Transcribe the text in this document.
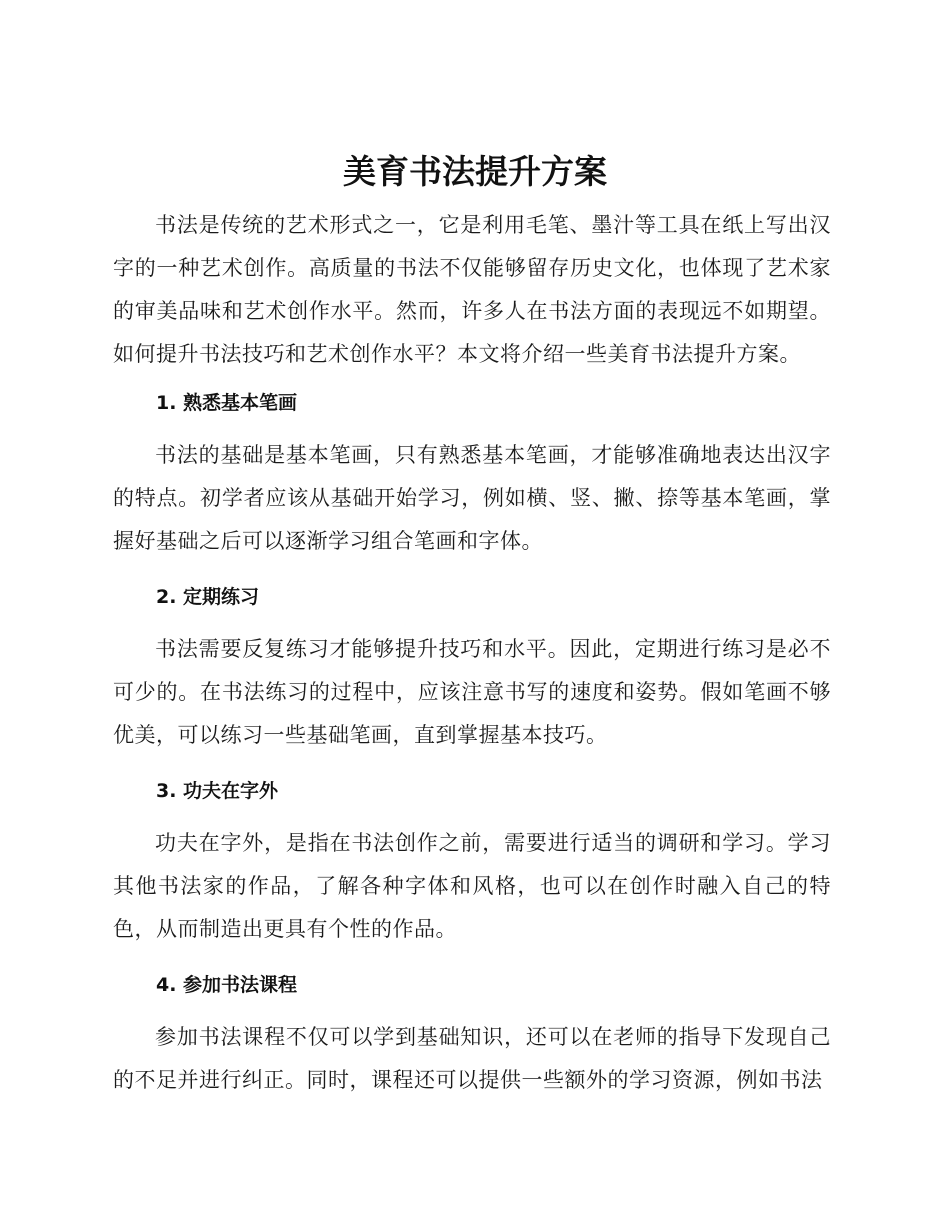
美育书法提升方案

书法是传统的艺术形式之一，它是利用毛笔、墨汁等工具在纸上写出汉字的一种艺术创作。高质量的书法不仅能够留存历史文化，也体现了艺术家的审美品味和艺术创作水平。然而，许多人在书法方面的表现远不如期望。如何提升书法技巧和艺术创作水平？本文将介绍一些美育书法提升方案。

1. 熟悉基本笔画

书法的基础是基本笔画，只有熟悉基本笔画，才能够准确地表达出汉字的特点。初学者应该从基础开始学习，例如横、竖、撇、捺等基本笔画，掌握好基础之后可以逐渐学习组合笔画和字体。

2. 定期练习

书法需要反复练习才能够提升技巧和水平。因此，定期进行练习是必不可少的。在书法练习的过程中，应该注意书写的速度和姿势。假如笔画不够优美，可以练习一些基础笔画，直到掌握基本技巧。

3. 功夫在字外

功夫在字外，是指在书法创作之前，需要进行适当的调研和学习。学习其他书法家的作品，了解各种字体和风格，也可以在创作时融入自己的特色，从而制造出更具有个性的作品。

4. 参加书法课程

参加书法课程不仅可以学到基础知识，还可以在老师的指导下发现自己的不足并进行纠正。同时，课程还可以提供一些额外的学习资源，例如书法
